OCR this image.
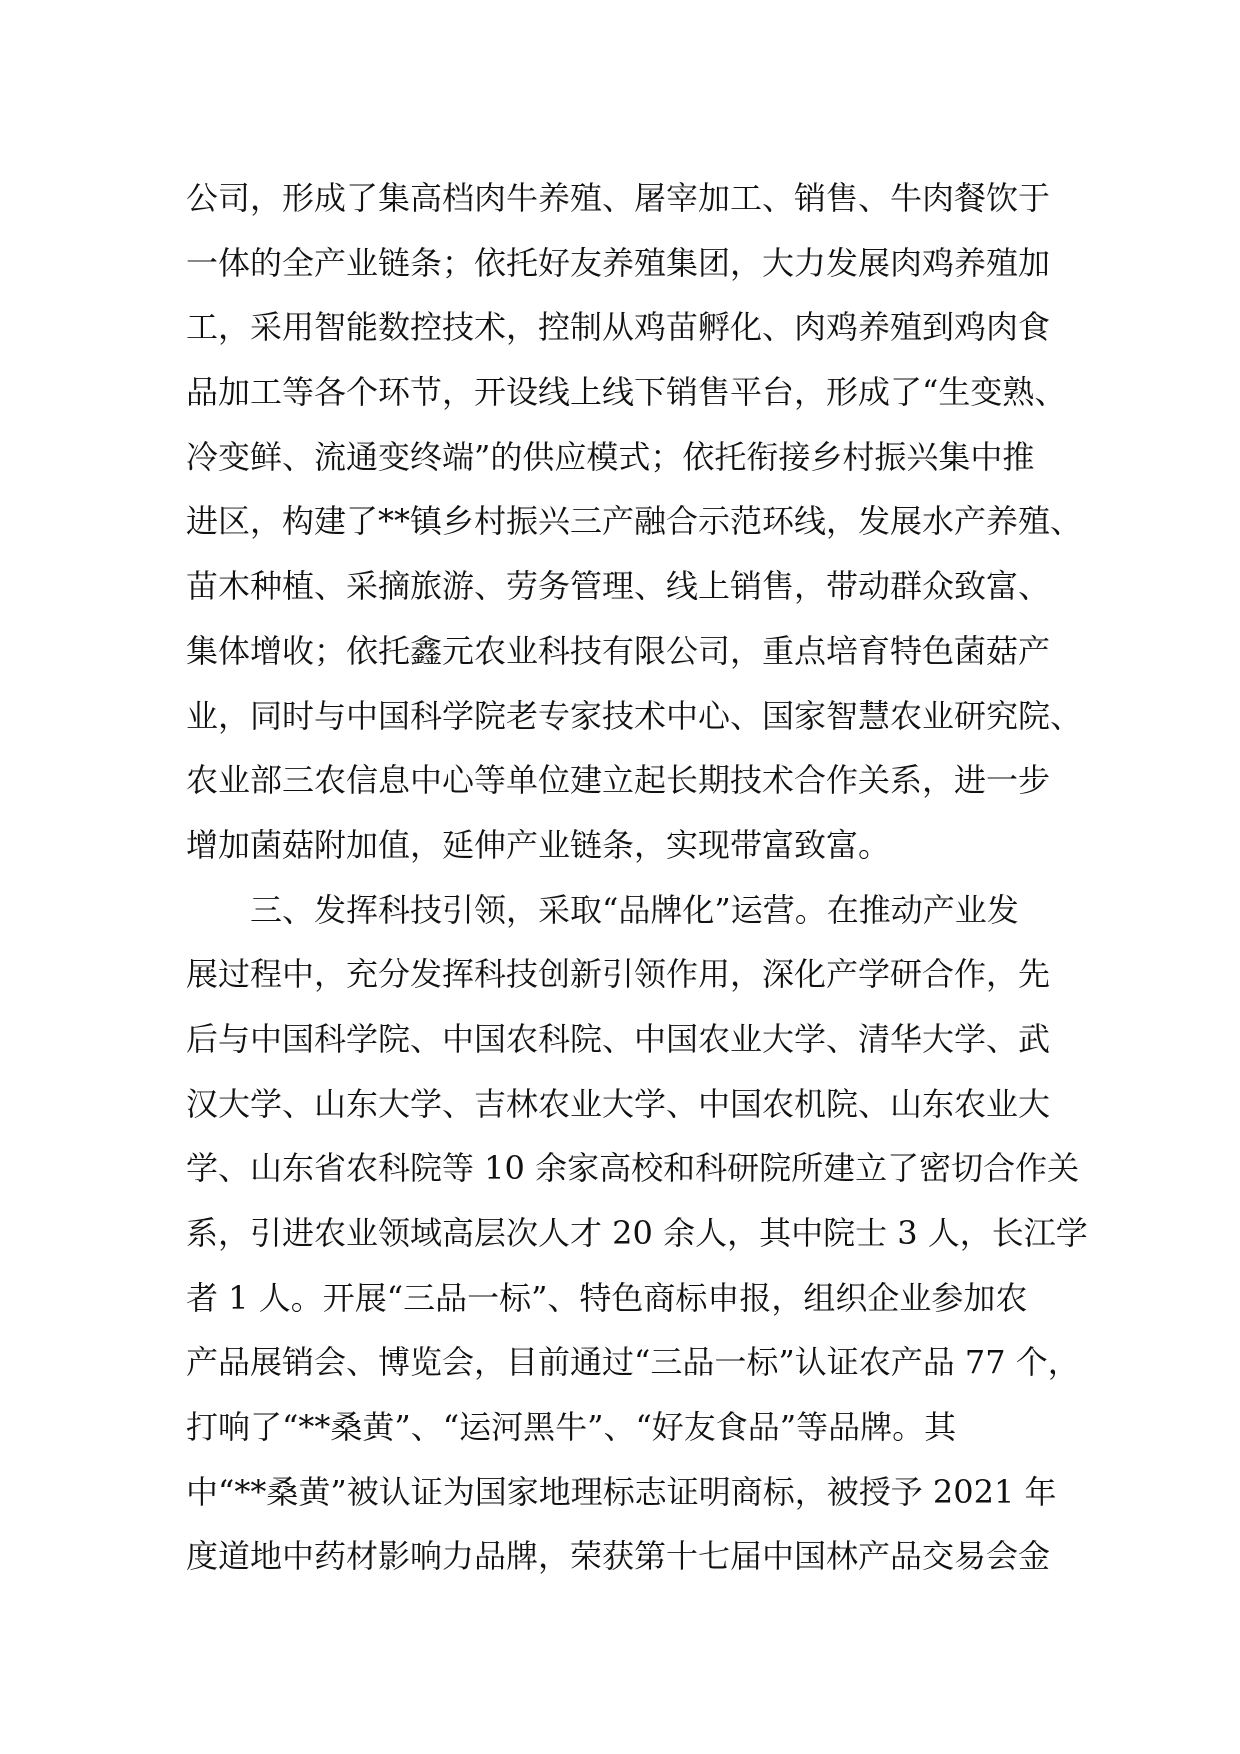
公司，形成了集高档肉牛养殖、屠宰加工、销售、牛肉餐饮于
一体的全产业链条；依托好友养殖集团，大力发展肉鸡养殖加
工，采用智能数控技术，控制从鸡苗孵化、肉鸡养殖到鸡肉食
品加工等各个环节，开设线上线下销售平台，形成了“生变熟、
冷变鲜、流通变终端”的供应模式；依托衔接乡村振兴集中推
进区，构建了**镇乡村振兴三产融合示范环线，发展水产养殖、
苗木种植、采摘旅游、劳务管理、线上销售，带动群众致富、
集体增收；依托鑫元农业科技有限公司，重点培育特色菌菇产
业，同时与中国科学院老专家技术中心、国家智慧农业研究院、
农业部三农信息中心等单位建立起长期技术合作关系，进一步
增加菌菇附加值，延伸产业链条，实现带富致富。
　　三、发挥科技引领，采取“品牌化”运营。在推动产业发
展过程中，充分发挥科技创新引领作用，深化产学研合作，先
后与中国科学院、中国农科院、中国农业大学、清华大学、武
汉大学、山东大学、吉林农业大学、中国农机院、山东农业大
学、山东省农科院等 10 余家高校和科研院所建立了密切合作关
系，引进农业领域高层次人才 20 余人，其中院士 3 人，长江学
者 1 人。开展“三品一标”、特色商标申报，组织企业参加农
产品展销会、博览会，目前通过“三品一标”认证农产品 77 个，
打响了“**桑黄”、“运河黑牛”、“好友食品”等品牌。其
中“**桑黄”被认证为国家地理标志证明商标，被授予 2021 年
度道地中药材影响力品牌，荣获第十七届中国林产品交易会金
